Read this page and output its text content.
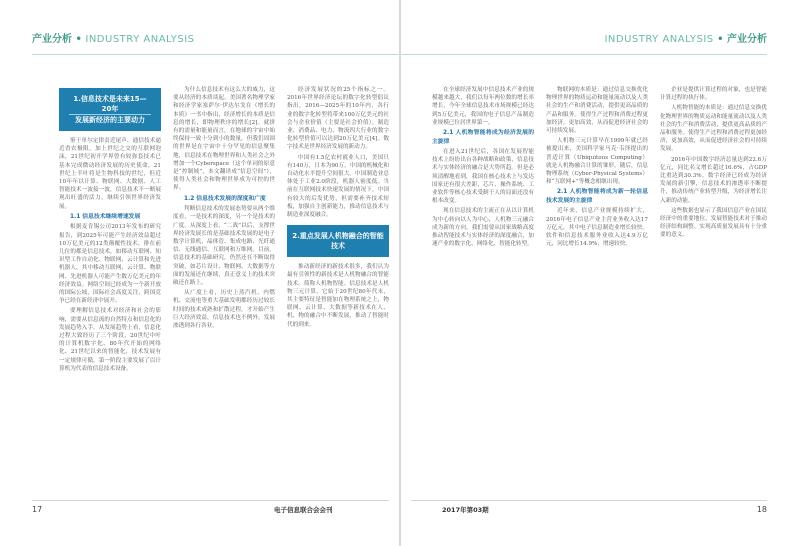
产业分析 • INDUSTRY ANALYSIS
1.信息技术是未来15—20年
发展新经济的主要动力

鉴于单尔定律责近尾声、通信技术逼近香农极限，加上世纪之交的互联网泡沫，21世纪初开学界曾有较弥套技术已基本完成微动经济发展的历史使命，21世纪上半叶将是生物科技的世纪，但近10年年以计算、物联网、大数据、人工智能技术一波接一波，信息技术不一断展现出旺盛的活力，继续引领世界经济发展。

1.1 信息技术继续增速发展

根据麦肯锡公司2013年发布的研究报告，到2025年可能产生经济效益超过10万亿美元的12类颠覆性技术，排在前几位的都是信息技术，如移动互联网、知识型工作自动化、物联网、云计算和先进机器人，其中移动互联网、云计算、物联网、先进机器人可能产生数万亿美元的年经济效益。网络空间已经成为一个新开放的国际公域，国际社会高度关注，跨国竞争已经在新经济中展开。

要理解信息技术对经济和社会的影响，需要从信息流的自然特点和信息化的发展趋势入手。从发展趋势上看，信息化过程大致经历了三个阶段，20世纪中叶的计算机数字化、80年代开始的网络化、21世纪以来的智能化，技术发展有一定规律可循，第一阶段主要发展了以计算机为代表的信息技术设备。

为什么信息技术有这么大的威力，这要从经济的本质谈起。美国著名物理学家和经济学家塞萨尔·伊达尔戈在《增长的本质》一书中指出，经济增长的本质是信息的增长，即物理秩序的增长[2]。就拼有的需量和能量而言，在地球的宇宙中始终保持一致十分到小的数量，但我们周围的世界是在宇宙中十分罕见的信息聚集地，信息技术在物理世界和人类社会之外增加一个Cyberspace（这个单词的原意是“控制域”，本文翻译成“信息空间”），使得人类社会和物理世界成为可控的世界。

1.2 信息技术发展的深度和广度

判断信息技术的发展态势要从两个维度看，一是技术的深度，另一个是技术的广度。从深度上看，“二战”以后，支撑世界经济发展长的是基础技术发展的是电子数学计算机、晶体管、集成电路、光纤通信、无线通信、互联网和万维网。目前，信息技术的基础研究，仍然还在不断取得突破，如芯片设计、物联网、大数据等方面的发展还在继续，真正意义上的技术突破还在路上。

从广度上看，历史上蒸汽机、内燃机、交流电等重大基础发明都经历过较长时间的技术成熟和扩散过程，才开始产生巨大经济效益，信息技术也不例外，发展渗透到各行各业。

经济发展状况的25个指标之一。2016年世界经济论坛的数字化转型倡议指出，2016—2025年的10年内，各行业的数字化转型将带来100万亿美元的社会与企业价值（主要是社会价值）。制造业、消费品、电力、物流四大行业的数字化转型价值可以达到20万亿美元[4]。数字技术是世界经济发展的新动力。

中国有1.5亿农村就业人口，美国只有140万，日本为90万，中国的机械化和自动化水平提升空间很大。中国制造业总体处于工业2.0阶段，机器人密度低。当前在互联网技术快速发展的情况下，中国有较大的后发优势，但需要补齐技术短板，加强自主创新能力，推动信息技术与制造业深度融合。

2.重点发展人机物融合的智能技术

推动新经济的新技术很多，我们认为最有引领性的新技术是人机物融合的智能技术。简称人机物智能。信息技术是人机物三元计算，它始于20世纪80年代末，其主要特征是智能加在物理系统之上，物联网、云计算、大数据等新技术在人、机、物的融合中不断发展，推动了智能时代的到来。

17	电子信息联合会会刊
INDUSTRY ANALYSIS • 产业分析

在全球经济发展中信息技术产业的规模越来越大，我们以每年两位数的增长率增长，今年全球信息技术市场规模已经达到5万亿美元，我国的电子信息产品制造业规模已位居世界第一。

2.1 人机物智能将成为经济发展的主旋律

在进入21世纪后，各国在发展智能技术上纷纷出台各种战略和政策，信息技术与实体经济的融合是大势所趋。但是必须清醒地看到，我国在核心技术上与发达国家还有很大差距，芯片、操作系统、工业软件等核心技术受制于人的局面还没有根本改变。

现在信息技术的主流正在从以计算机为中心转向以人为中心，人机物三元融合成为新的方向，我们需要从国家战略高度推动智能技术与实体经济的深度融合，加速产业的数字化、网络化、智能化转型。

物联网的本质是：通过信息交换优化物理世界的物质运动和能量流动以及人类社会的生产和消费活动，提供更高品质的产品和服务。使得生产过程和消费过程更加经济，更加高效，从而促进经济社会的可持续发展。

人机物三元计算早在1999年就已经被提出来，美国科学家马克·韦泽提出的普适计算（Ubiquitous Computing）就是人机物融合计算的雏形。随后，信息物理系统（Cyber-Physical Systems）和“互联网+”等概念相继出现。

2.1 人机物智能将成为新一轮信息技术发展的主旋律

近年来，信息产业规模持续扩大，2016年电子信息产业主营业务收入达17万亿元，其中电子信息制造业增长较快。软件和信息技术服务业收入达4.9万亿元，同比增长14.9%，增速较快。

企业是提供计算过程的对象，也是智能计算过程的执行体。

人机物智能的本质是：通过信息交换优化物理世界的物质运动和能量流动以及人类社会的生产和消费活动，提供更高品质的产品和服务。使得生产过程和消费过程更加经济，更加高效，从而促进经济社会的可持续发展。

2016年中国数字经济总量达到22.6万亿元，同比名义增长超过16.6%，占GDP比重达到30.3%。数字经济已经成为经济发展的新引擎，信息技术的渗透率不断提升，推动传统产业转型升级，为经济增长注入新的动能。

这些数据也显示了我国信息产业在国民经济中的重要地位，发展智能技术对于推动经济结构调整、实现高质量发展具有十分重要的意义。

2017年第03期	18
